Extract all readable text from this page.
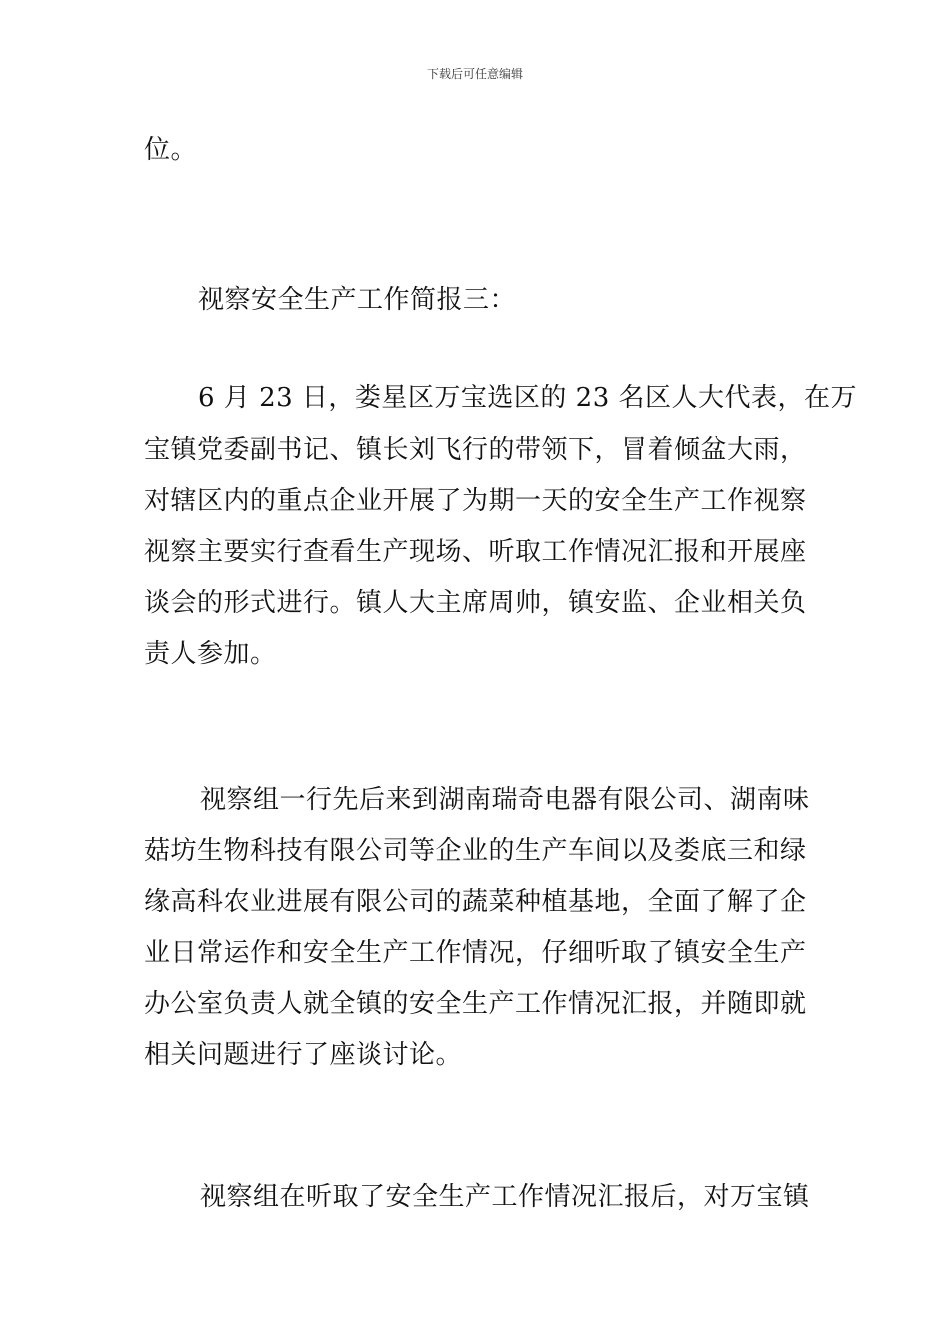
下载后可任意编辑
位。
视察安全生产工作简报三：
6 月 23 日，娄星区万宝选区的 23 名区人大代表，在万
宝镇党委副书记、镇长刘飞行的带领下，冒着倾盆大雨，
对辖区内的重点企业开展了为期一天的安全生产工作视察
视察主要实行查看生产现场、听取工作情况汇报和开展座
谈会的形式进行。镇人大主席周帅，镇安监、企业相关负
责人参加。
视察组一行先后来到湖南瑞奇电器有限公司、湖南味
菇坊生物科技有限公司等企业的生产车间以及娄底三和绿
缘高科农业进展有限公司的蔬菜种植基地，全面了解了企
业日常运作和安全生产工作情况，仔细听取了镇安全生产
办公室负责人就全镇的安全生产工作情况汇报，并随即就
相关问题进行了座谈讨论。
视察组在听取了安全生产工作情况汇报后，对万宝镇
